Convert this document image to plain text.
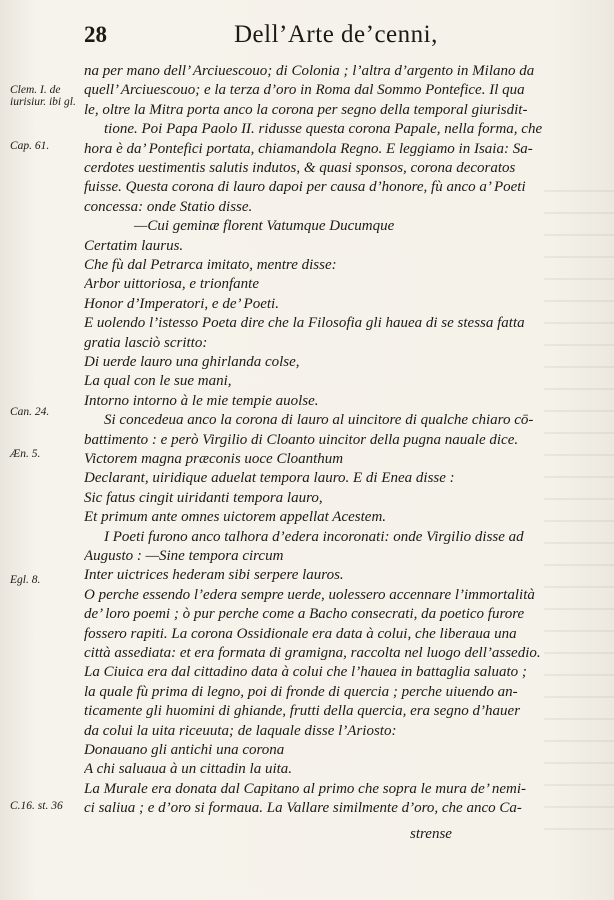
28	Dell’Arte de’cenni,
Clem. I. de iurisiur. ibi gl.
Cap. 61.
Can. 24.
Æn. 5.
Egl. 8.
C.16. st. 36
na per mano dell’ Arciuescouo; di Colonia ; l’altra d’argento in Milano da
quell’ Arciuescouo; e la terza d’oro in Roma dal Sommo Pontefice. Il qua
le, oltre la Mitra porta anco la corona per segno della temporal giurisdit-
tione. Poi Papa Paolo II. ridusse questa corona Papale, nella forma, che
hora è da’ Pontefici portata, chiamandola Regno. E leggiamo in Isaia: Sa-
cerdotes uestimentis salutis indutos, & quasi sponsos, corona decoratos
fuisse. Questa corona di lauro dapoi per causa d’honore, fù anco a’ Poeti
concessa: onde Statio disse.
—Cui geminæ florent Vatumque Ducumque
Certatim laurus.
Che fù dal Petrarca imitato, mentre disse:
Arbor uittoriosa, e trionfante
Honor d’Imperatori, e de’ Poeti.
E uolendo l’istesso Poeta dire che la Filosofia gli hauea di se stessa fatta
gratia lasciò scritto:
Di uerde lauro una ghirlanda colse,
La qual con le sue mani,
Intorno intorno à le mie tempie auolse.
Si concedeua anco la corona di lauro al uincitore di qualche chiaro cō-
battimento : e però Virgilio di Cloanto uincitor della pugna nauale dice.
Victorem magna præconis uoce Cloanthum
Declarant, uiridique aduelat tempora lauro. E di Enea disse :
Sic fatus cingit uiridanti tempora lauro,
Et primum ante omnes uictorem appellat Acestem.
I Poeti furono anco talhora d’edera incoronati: onde Virgilio disse ad
Augusto : —Sine tempora circum
Inter uictrices hederam sibi serpere lauros.
O perche essendo l’edera sempre uerde, uolessero accennare l’immortalità
de’ loro poemi ; ò pur perche come a Bacho consecrati, da poetico furore
fossero rapiti. La corona Ossidionale era data à colui, che liberaua una
città assediata: et era formata di gramigna, raccolta nel luogo dell’assedio.
La Ciuica era dal cittadino data à colui che l’hauea in battaglia saluato ;
la quale fù prima di legno, poi di fronde di quercia ; perche uiuendo an-
ticamente gli huomini di ghiande, frutti della quercia, era segno d’hauer
da colui la uita riceuuta; de laquale disse l’Ariosto:
Donauano gli antichi una corona
A chi saluaua à un cittadin la uita.
La Murale era donata dal Capitano al primo che sopra le mura de’ nemi-
ci saliua ; e d’oro si formaua. La Vallare similmente d’oro, che anco Ca-
strense
